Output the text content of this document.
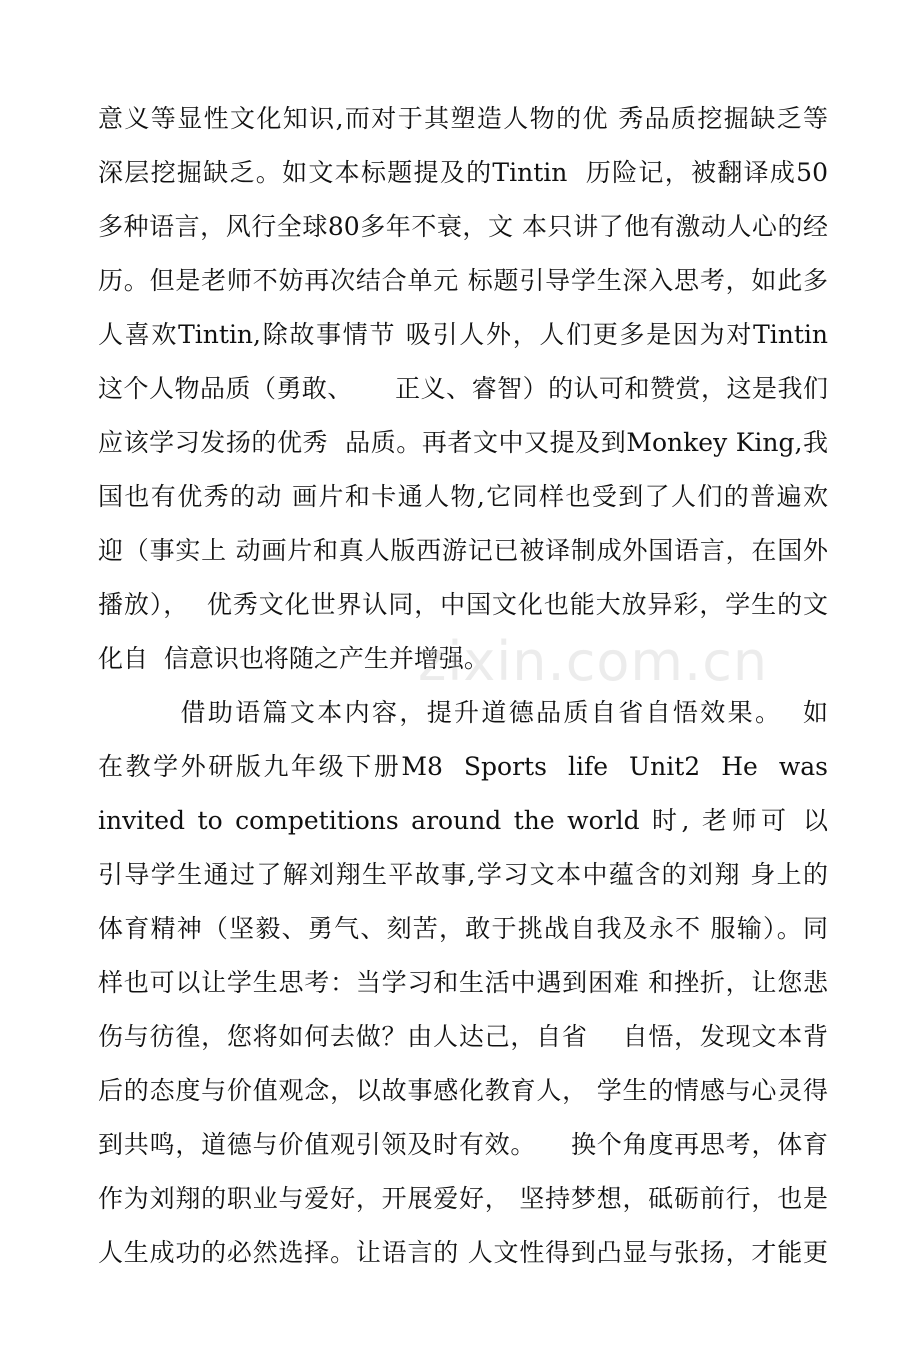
意义等显性文化知识,而对于其塑造人物的优 秀品质挖掘缺乏等
深层挖掘缺乏。如文本标题提及的Tintin  历险记，被翻译成50
多种语言，风行全球80多年不衰，文 本只讲了他有激动人心的经
历。但是老师不妨再次结合单元 标题引导学生深入思考，如此多
人喜欢Tintin,除故事情节 吸引人外，人们更多是因为对Tintin
这个人物品质（勇敢、     正义、睿智）的认可和赞赏，这是我们
应该学习发扬的优秀  品质。再者文中又提及到Monkey King,我
国也有优秀的动 画片和卡通人物,它同样也受到了人们的普遍欢
迎（事实上 动画片和真人版西游记已被译制成外国语言，在国外
播放），  优秀文化世界认同，中国文化也能大放异彩，学生的文
化自  信意识也将随之产生并增强。
借助语篇文本内容，提升道德品质自省自悟效果。  如
在教学外研版九年级下册M8  Sports  life  Unit2  He  was
invited to competitions around the world 时, 老师可 以
引导学生通过了解刘翔生平故事,学习文本中蕴含的刘翔 身上的
体育精神（坚毅、勇气、刻苦，敢于挑战自我及永不 服输）。同
样也可以让学生思考：当学习和生活中遇到困难 和挫折，让您悲
伤与彷徨，您将如何去做？由人达己，自省    自悟，发现文本背
后的态度与价值观念，以故事感化教育人， 学生的情感与心灵得
到共鸣，道德与价值观引领及时有效。    换个角度再思考，体育
作为刘翔的职业与爱好，开展爱好， 坚持梦想，砥砺前行，也是
人生成功的必然选择。让语言的 人文性得到凸显与张扬，才能更
zixin.com.cn
